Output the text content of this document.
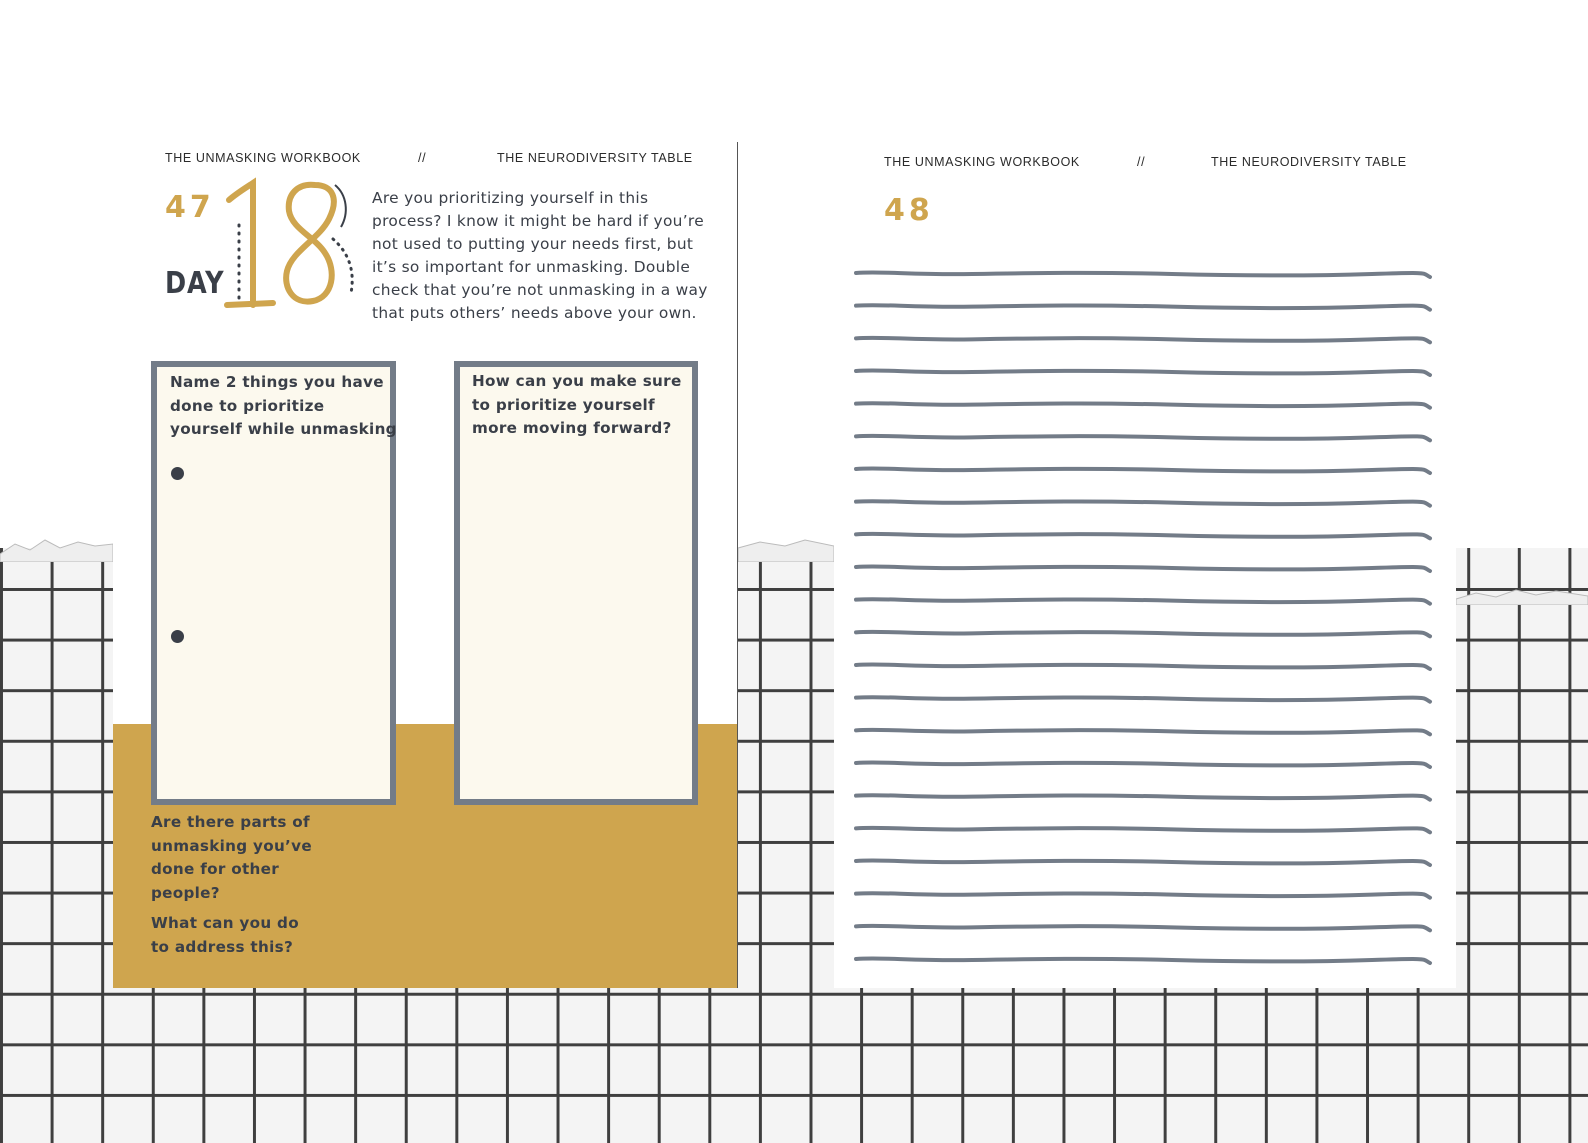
THE UNMASKING WORKBOOK	//	THE NEURODIVERSITY TABLE
47
DAY
Are you prioritizing yourself in this process? I know it might be hard if you’re not used to putting your needs first, but it’s so important for unmasking. Double check that you’re not unmasking in a way that puts others’ needs above your own.
Name 2 things you have done to prioritize yourself while unmasking
How can you make sure to prioritize yourself more moving forward?
Are there parts of unmasking you’ve done for other people?
What can you do to address this?
THE UNMASKING WORKBOOK	//	THE NEURODIVERSITY TABLE
48
